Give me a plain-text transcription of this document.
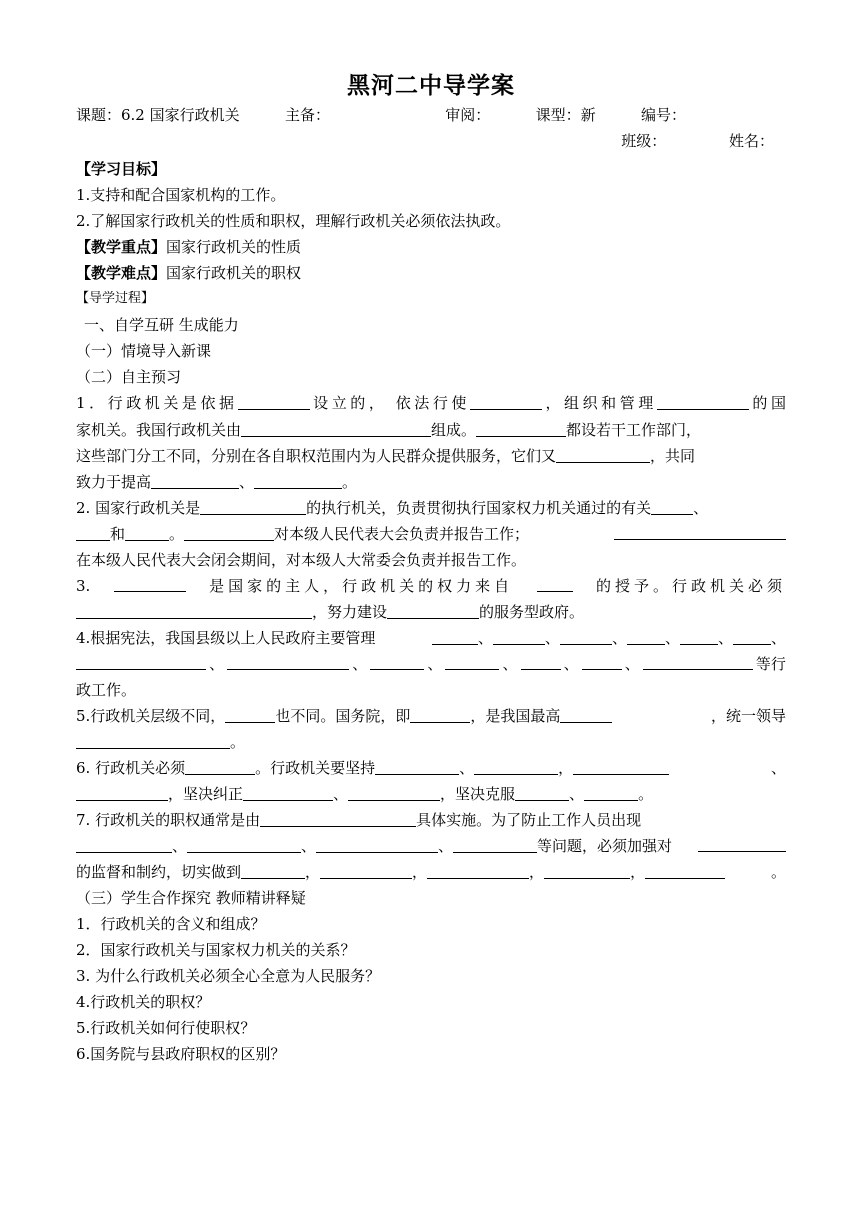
黑河二中导学案
课题：6.2 国家行政机关	主备：	审阅：	课型：新	编号：
班级：	姓名：
【学习目标】
1.支持和配合国家机构的工作。
2.了解国家行政机关的性质和职权，理解行政机关必须依法执政。
【教学重点】国家行政机关的性质
【教学难点】国家行政机关的职权
【导学过程】
一、自学互研 生成能力
（一）情境导入新课
（二）自主预习
1．行政机关是依据	设立的， 依法行使	，组织和管理	的国
家机关。我国行政机关由	组成。	都设若干工作部门，
这些部门分工不同，分别在各自职权范围内为人民群众提供服务，它们又	，共同
致力于提高	、	。
2. 国家行政机关是	的执行机关，负责贯彻执行国家权力机关通过的有关	、
和	。	对本级人民代表大会负责并报告工作；
在本级人民代表大会闭会期间，对本级人大常委会负责并报告工作。
3.	是国家的主人，行政机关的权力来自	的授予。行政机关必须
，努力建设	的服务型政府。
4.根据宪法，我国县级以上人民政府主要管理	、	、	、	、	、	、
、	、	、	、	、	、	等行
政工作。
5.行政机关层级不同，	也不同。国务院，即	，是我国最高	，统一领导
。
6. 行政机关必须	。行政机关要坚持	、	，	、
，坚决纠正	、	，坚决克服	、	。
7. 行政机关的职权通常是由	具体实施。为了防止工作人员出现
、	、	、	等问题，必须加强对
的监督和制约，切实做到	，	，	，	，	。
（三）学生合作探究 教师精讲释疑
1．行政机关的含义和组成？
2．国家行政机关与国家权力机关的关系？
3. 为什么行政机关必须全心全意为人民服务？
4.行政机关的职权？
5.行政机关如何行使职权？
6.国务院与县政府职权的区别？
